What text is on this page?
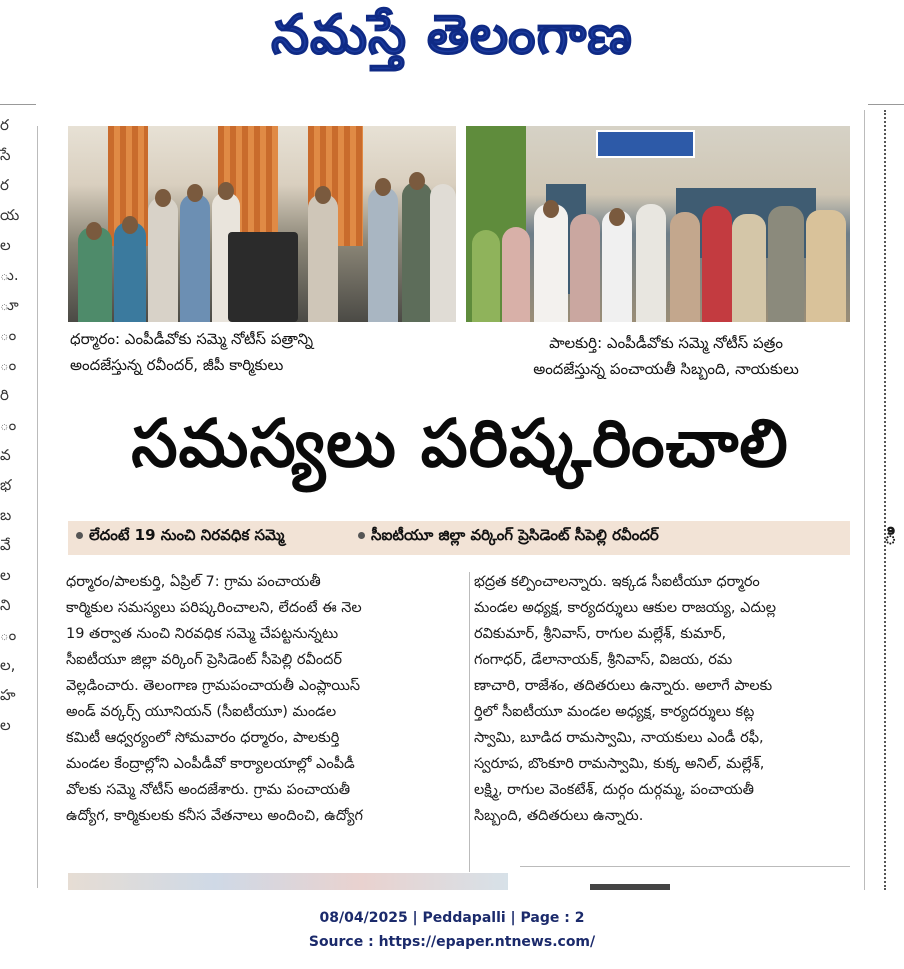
నమస్తే తెలంగాణ
ర
సే
ర
య
ల
ు.
ూ
ం
ం
రి
ం
వ
భ
బ
వే
ల
ని
ం
ల,
హ
ల
ి
ధర్మారం: ఎంపీడీవోకు సమ్మె నోటీస్ పత్రాన్ని
అందజేస్తున్న రవీందర్, జీపీ కార్మికులు
పాలకుర్తి: ఎంపీడీవోకు సమ్మె నోటీస్ పత్రం
అందజేస్తున్న పంచాయతీ సిబ్బంది, నాయకులు
సమస్యలు పరిష్కరించాలి
లేదంటే 19 నుంచి నిరవధిక సమ్మె	సీఐటీయూ జిల్లా వర్కింగ్ ప్రెసిడెంట్ సీపెల్లి రవీందర్
ధర్మారం/పాలకుర్తి, ఏప్రిల్ 7: గ్రామ పంచాయతీ
కార్మికుల సమస్యలు పరిష్కరించాలని, లేదంటే ఈ నెల
19 తర్వాత నుంచి నిరవధిక సమ్మె చేపట్టనున్నటు
సీఐటీయూ జిల్లా వర్కింగ్ ప్రెసిడెంట్ సీపెల్లి రవీందర్
వెల్లడించారు. తెలంగాణ గ్రామపంచాయతీ ఎంప్లాయిస్
అండ్ వర్కర్స్ యూనియన్ (సీఐటీయూ) మండల
కమిటీ ఆధ్వర్యంలో సోమవారం ధర్మారం, పాలకుర్తి
మండల కేంద్రాల్లోని ఎంపీడీవో కార్యాలయాల్లో ఎంపీడీ
వోలకు సమ్మె నోటీస్ అందజేశారు. గ్రామ పంచాయతీ
ఉద్యోగ, కార్మికులకు కనీస వేతనాలు అందించి, ఉద్యోగ
భద్రత కల్పించాలన్నారు. ఇక్కడ సీఐటీయూ ధర్మారం
మండల అధ్యక్ష, కార్యదర్శులు ఆకుల రాజయ్య, ఎదుల్ల
రవికుమార్, శ్రీనివాస్, రాగుల మల్లేశ్, కుమార్,
గంగాధర్, డేలానాయక్, శ్రీనివాస్, విజయ, రమ
ణాచారి, రాజేశం, తదితరులు ఉన్నారు. అలాగే పాలకు
ర్తిలో సీఐటీయూ మండల అధ్యక్ష, కార్యదర్శులు కట్ల
స్వామి, బూడిద రామస్వామి, నాయకులు ఎండీ రఫీ,
స్వరూప, బొంకూరి రామస్వామి, కుక్క అనిల్, మల్లేశ్,
లక్ష్మి, రాగుల వెంకటేశ్, దుర్గం దుర్గమ్మ, పంచాయతీ
సిబ్బంది, తదితరులు ఉన్నారు.
08/04/2025 | Peddapalli | Page : 2
Source : https://epaper.ntnews.com/
